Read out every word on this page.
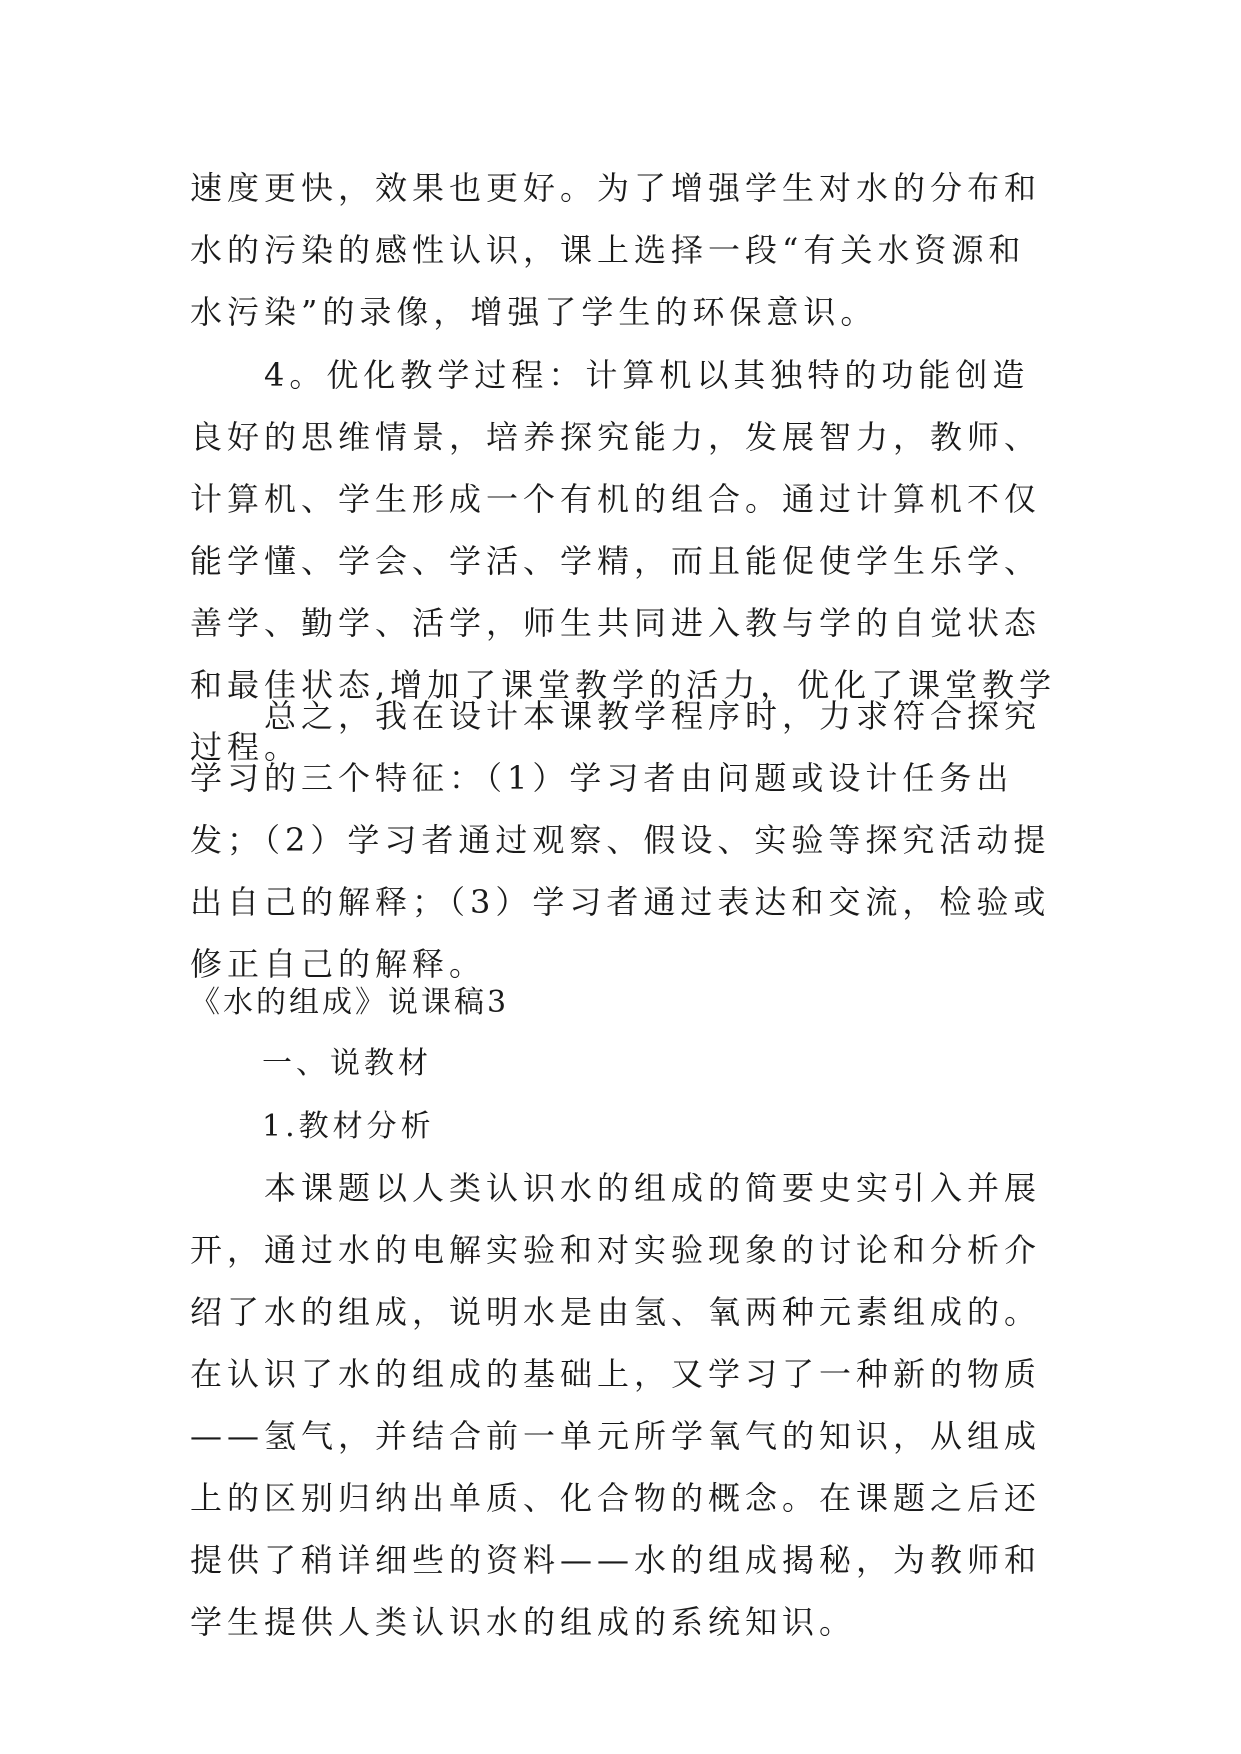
速度更快，效果也更好。为了增强学生对水的分布和水的污染的感性认识，课上选择一段“有关水资源和水污染”的录像，增强了学生的环保意识。
4。优化教学过程：计算机以其独特的功能创造良好的思维情景，培养探究能力，发展智力，教师、计算机、学生形成一个有机的组合。通过计算机不仅能学懂、学会、学活、学精，而且能促使学生乐学、善学、勤学、活学，师生共同进入教与学的自觉状态和最佳状态,增加了课堂教学的活力，优化了课堂教学过程。
总之，我在设计本课教学程序时，力求符合探究学习的三个特征：（1）学习者由问题或设计任务出发；（2）学习者通过观察、假设、实验等探究活动提出自己的解释；（3）学习者通过表达和交流，检验或修正自己的解释。
《水的组成》说课稿3
一、说教材
1.教材分析
本课题以人类认识水的组成的简要史实引入并展开，通过水的电解实验和对实验现象的讨论和分析介绍了水的组成，说明水是由氢、氧两种元素组成的。在认识了水的组成的基础上，又学习了一种新的物质——氢气，并结合前一单元所学氧气的知识，从组成上的区别归纳出单质、化合物的概念。在课题之后还提供了稍详细些的资料——水的组成揭秘，为教师和学生提供人类认识水的组成的系统知识。
